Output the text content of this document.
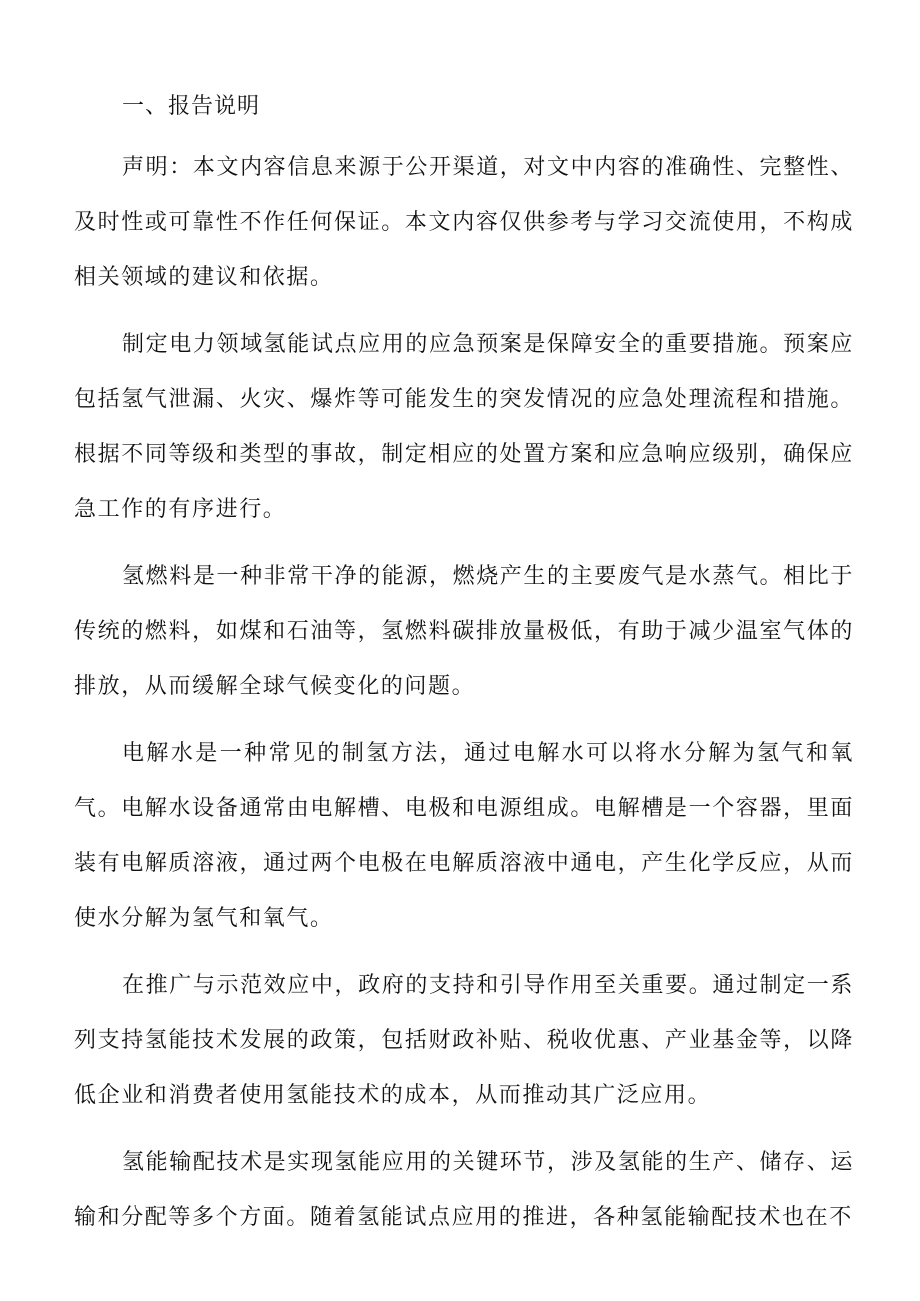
一、报告说明

声明：本文内容信息来源于公开渠道，对文中内容的准确性、完整性、及时性或可靠性不作任何保证。本文内容仅供参考与学习交流使用，不构成相关领域的建议和依据。

制定电力领域氢能试点应用的应急预案是保障安全的重要措施。预案应包括氢气泄漏、火灾、爆炸等可能发生的突发情况的应急处理流程和措施。根据不同等级和类型的事故，制定相应的处置方案和应急响应级别，确保应急工作的有序进行。

氢燃料是一种非常干净的能源，燃烧产生的主要废气是水蒸气。相比于传统的燃料，如煤和石油等，氢燃料碳排放量极低，有助于减少温室气体的排放，从而缓解全球气候变化的问题。

电解水是一种常见的制氢方法，通过电解水可以将水分解为氢气和氧气。电解水设备通常由电解槽、电极和电源组成。电解槽是一个容器，里面装有电解质溶液，通过两个电极在电解质溶液中通电，产生化学反应，从而使水分解为氢气和氧气。

在推广与示范效应中，政府的支持和引导作用至关重要。通过制定一系列支持氢能技术发展的政策，包括财政补贴、税收优惠、产业基金等，以降低企业和消费者使用氢能技术的成本，从而推动其广泛应用。

氢能输配技术是实现氢能应用的关键环节，涉及氢能的生产、储存、运输和分配等多个方面。随着氢能试点应用的推进，各种氢能输配技术也在不
